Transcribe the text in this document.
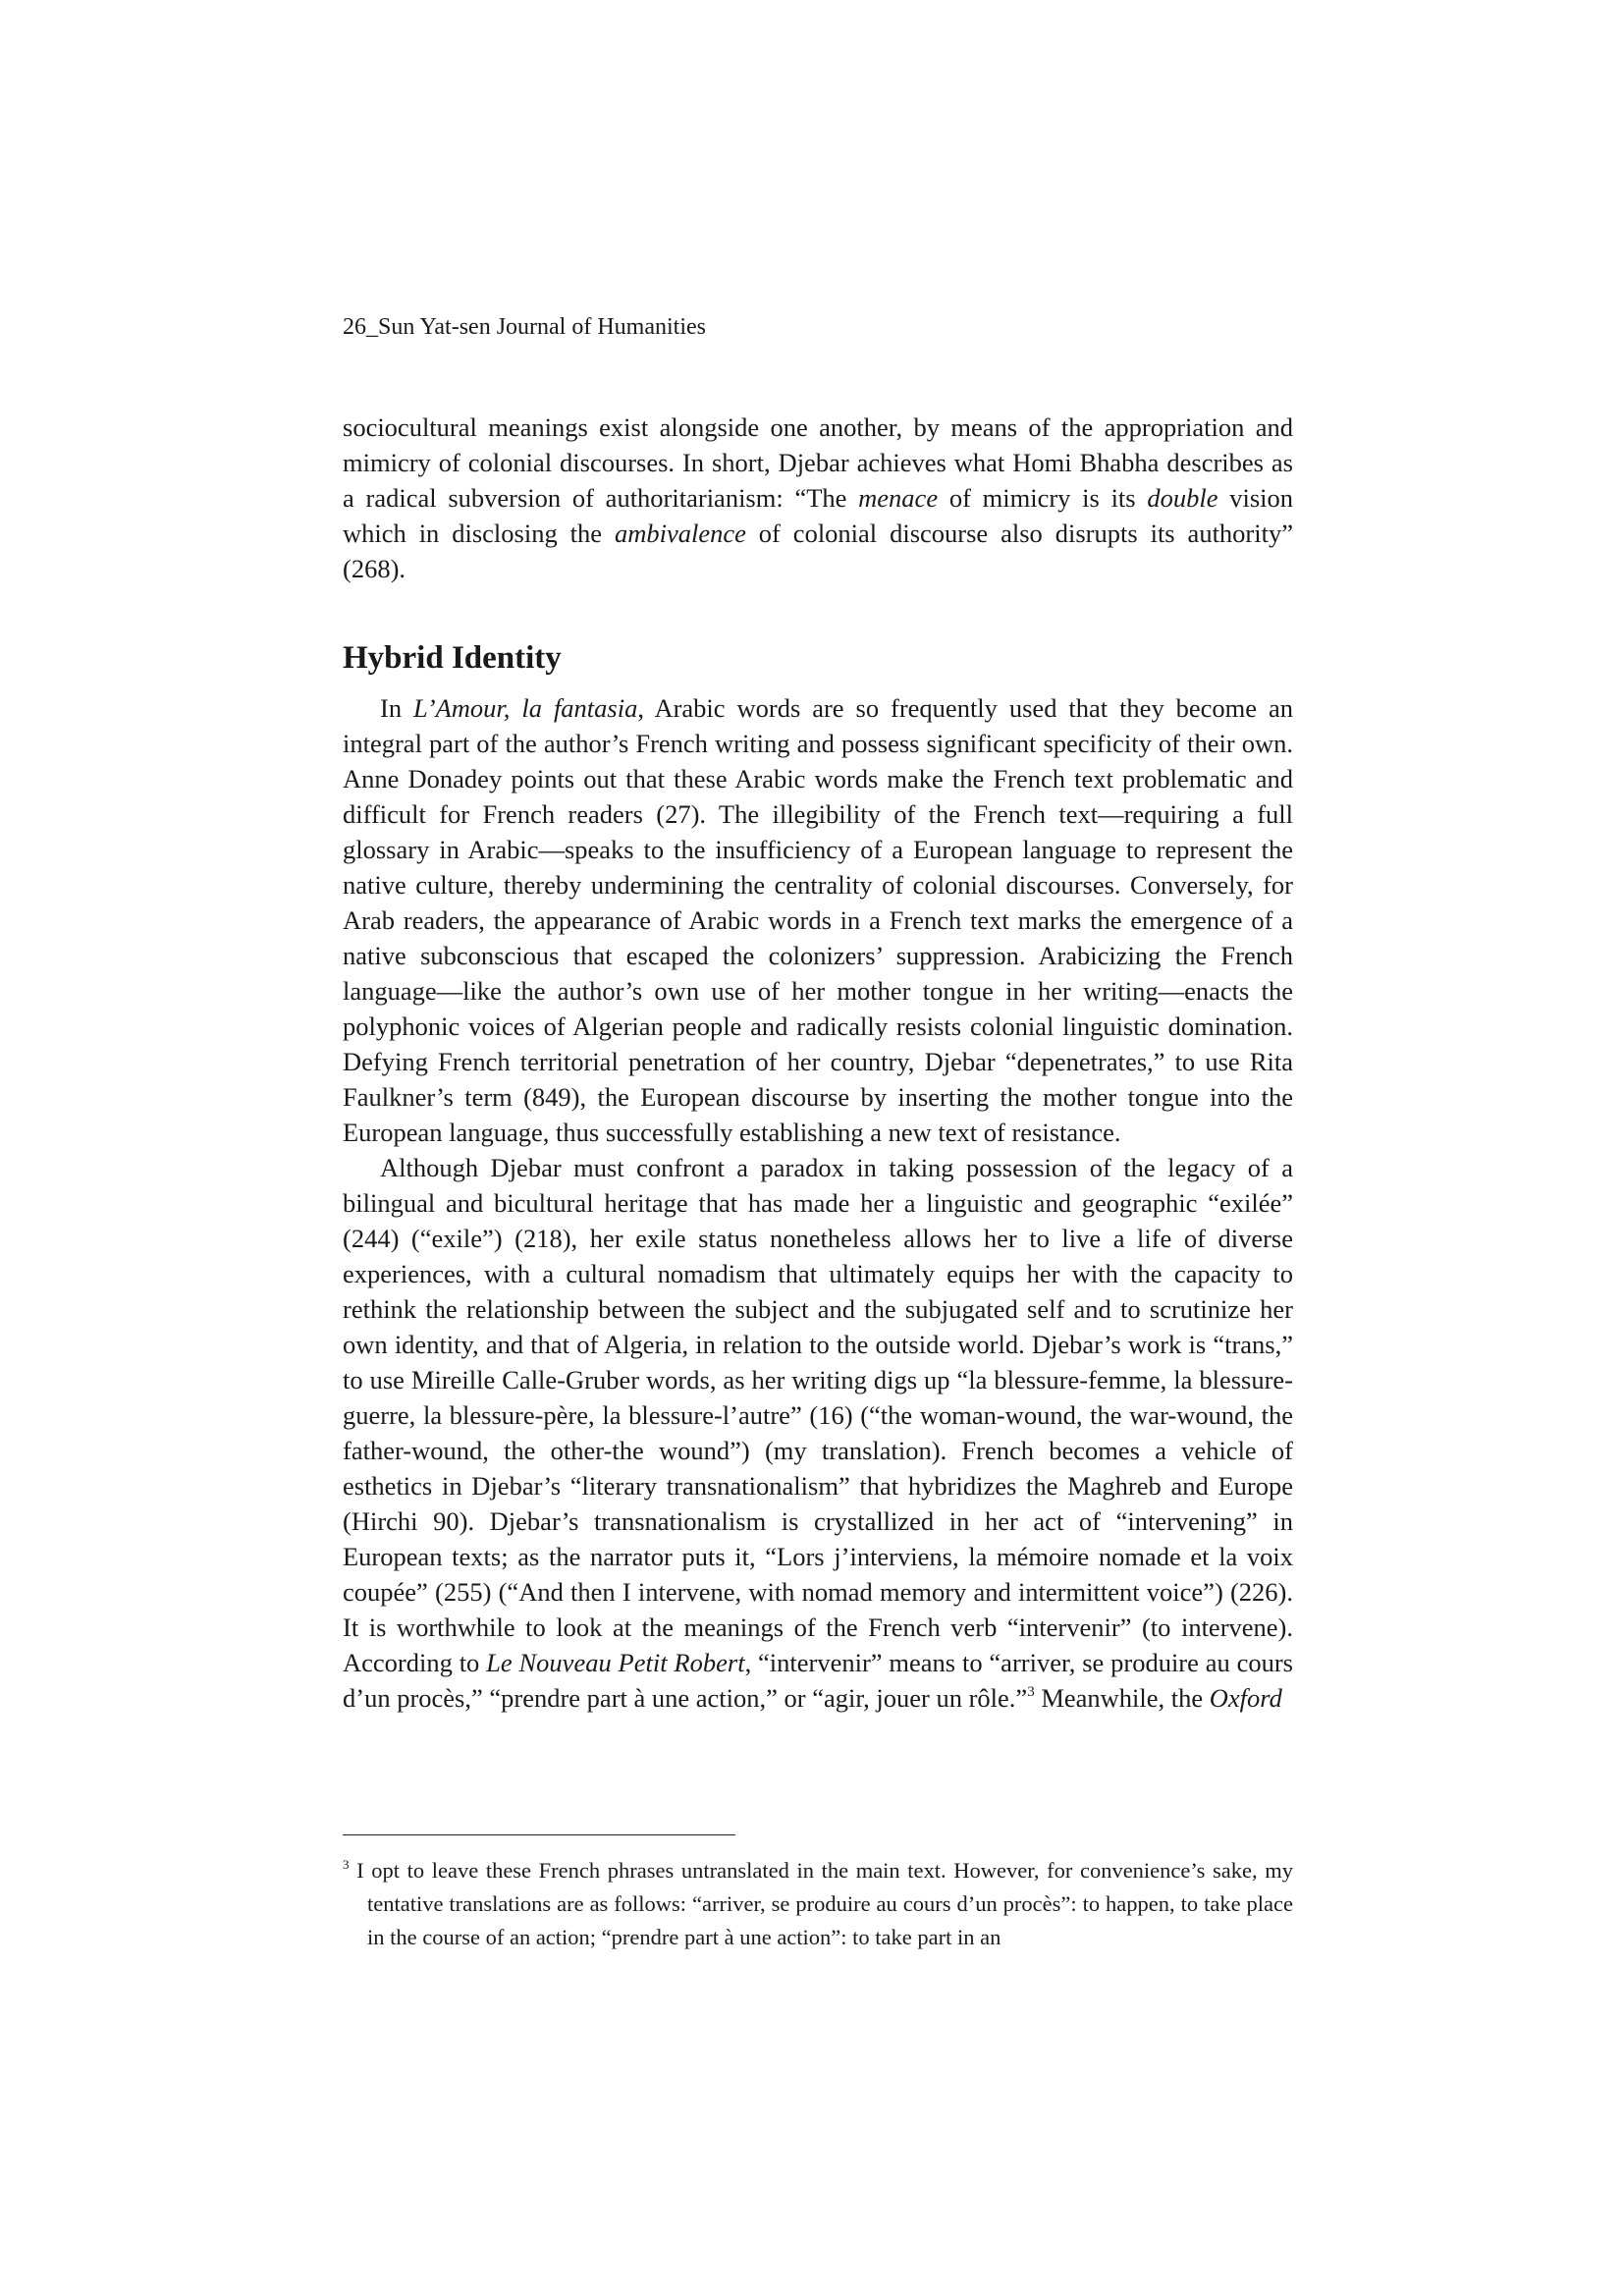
26_Sun Yat-sen Journal of Humanities

sociocultural meanings exist alongside one another, by means of the appropriation and mimicry of colonial discourses. In short, Djebar achieves what Homi Bhabha describes as a radical subversion of authoritarianism: “The menace of mimicry is its double vision which in disclosing the ambivalence of colonial discourse also disrupts its authority” (268).

Hybrid Identity

In L’Amour, la fantasia, Arabic words are so frequently used that they become an integral part of the author’s French writing and possess significant specificity of their own. Anne Donadey points out that these Arabic words make the French text problematic and difficult for French readers (27). The illegibility of the French text—requiring a full glossary in Arabic—speaks to the insufficiency of a European language to represent the native culture, thereby undermining the centrality of colonial discourses. Conversely, for Arab readers, the appearance of Arabic words in a French text marks the emergence of a native subconscious that escaped the colonizers’ suppression. Arabicizing the French language—like the author’s own use of her mother tongue in her writing—enacts the polyphonic voices of Algerian people and radically resists colonial linguistic domination. Defying French territorial penetration of her country, Djebar “depenetrates,” to use Rita Faulkner’s term (849), the European discourse by inserting the mother tongue into the European language, thus successfully establishing a new text of resistance.

Although Djebar must confront a paradox in taking possession of the legacy of a bilingual and bicultural heritage that has made her a linguistic and geographic “exilée” (244) (“exile”) (218), her exile status nonetheless allows her to live a life of diverse experiences, with a cultural nomadism that ultimately equips her with the capacity to rethink the relationship between the subject and the subjugated self and to scrutinize her own identity, and that of Algeria, in relation to the outside world. Djebar’s work is “trans,” to use Mireille Calle-Gruber words, as her writing digs up “la blessure-femme, la blessure-guerre, la blessure-père, la blessure-l’autre” (16) (“the woman-wound, the war-wound, the father-wound, the other-the wound”) (my translation). French becomes a vehicle of esthetics in Djebar’s “literary transnationalism” that hybridizes the Maghreb and Europe (Hirchi 90). Djebar’s transnationalism is crystallized in her act of “intervening” in European texts; as the narrator puts it, “Lors j’interviens, la mémoire nomade et la voix coupée” (255) (“And then I intervene, with nomad memory and intermittent voice”) (226). It is worthwhile to look at the meanings of the French verb “intervenir” (to intervene). According to Le Nouveau Petit Robert, “intervenir” means to “arriver, se produire au cours d’un procès,” “prendre part à une action,” or “agir, jouer un rôle.”$^3$ Meanwhile, the Oxford

$^3$ I opt to leave these French phrases untranslated in the main text. However, for convenience’s sake, my tentative translations are as follows: “arriver, se produire au cours d’un procès”: to happen, to take place in the course of an action; “prendre part à une action”: to take part in an
